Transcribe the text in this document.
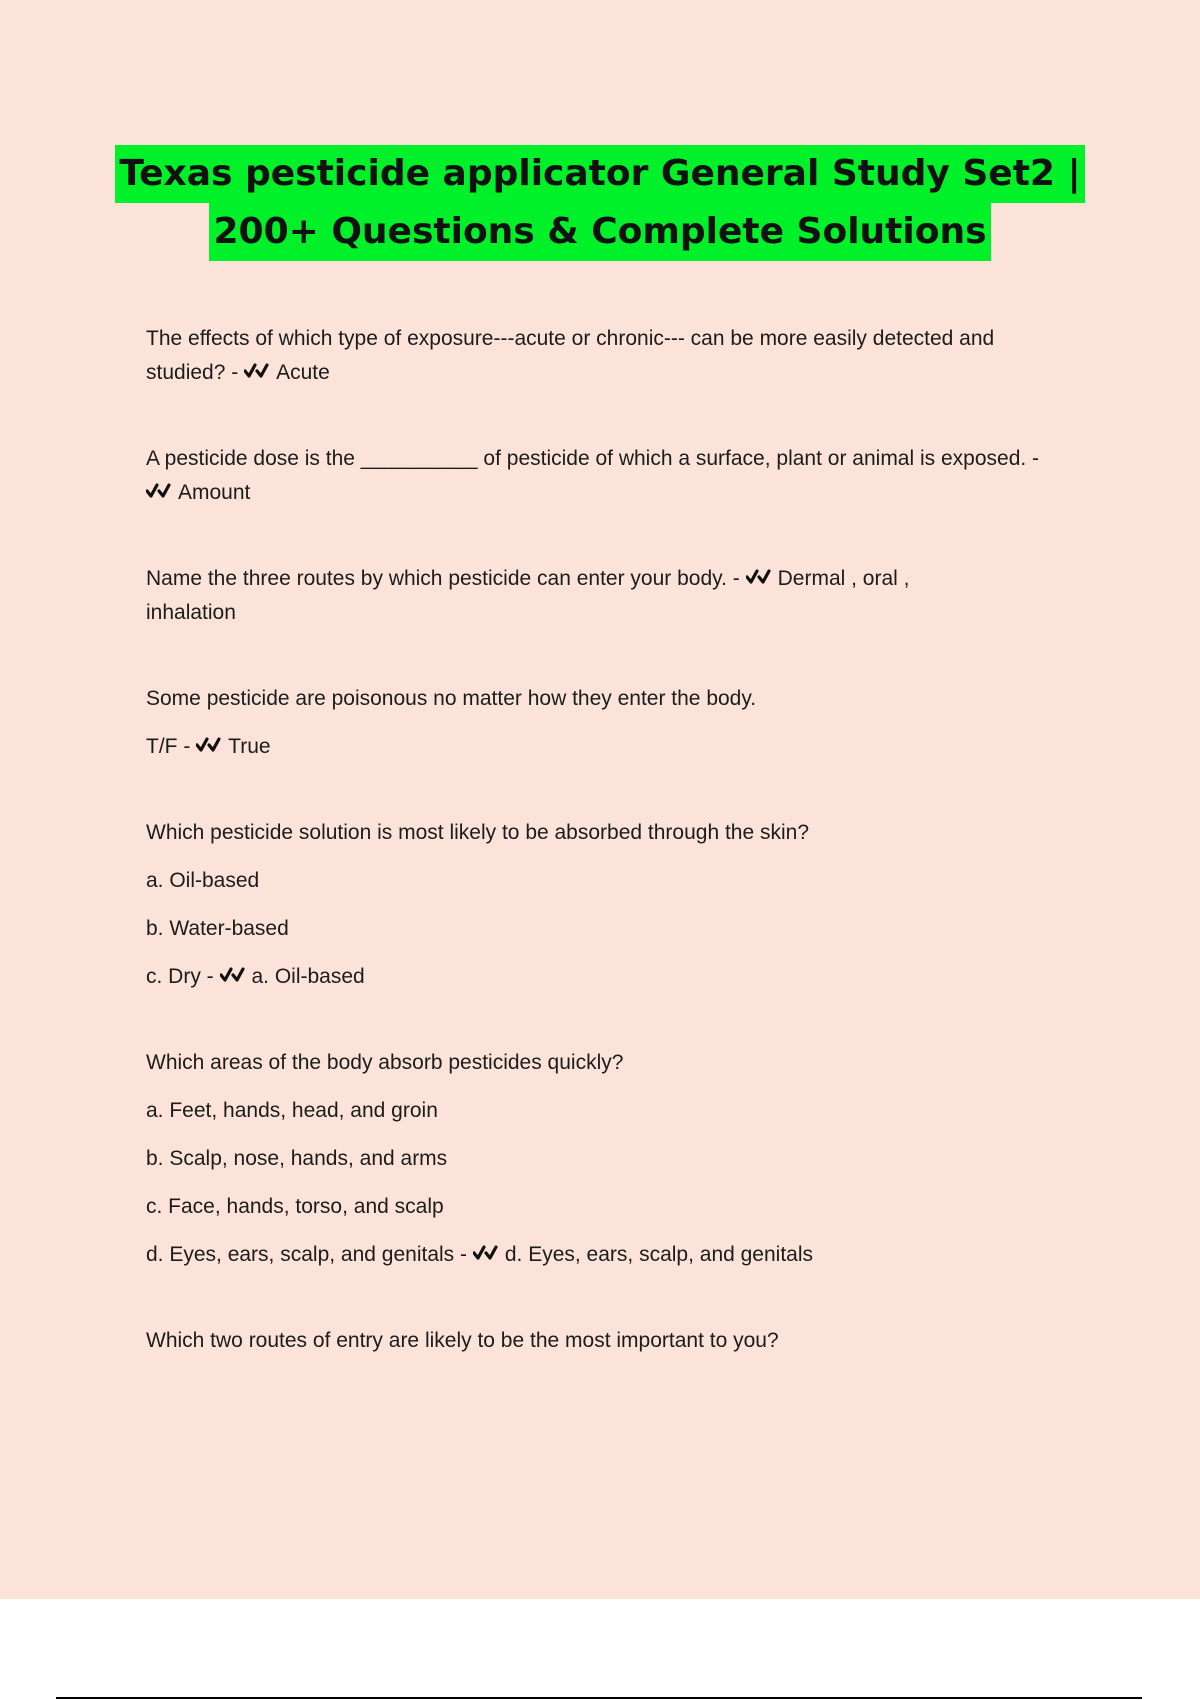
Texas pesticide applicator General Study Set2 |
200+ Questions & Complete Solutions
The effects of which type of exposure---acute or chronic--- can be more easily detected and
studied? - Acute
A pesticide dose is the __________ of pesticide of which a surface, plant or animal is exposed. -
Amount
Name the three routes by which pesticide can enter your body. - Dermal , oral ,
inhalation
Some pesticide are poisonous no matter how they enter the body.
T/F - True
Which pesticide solution is most likely to be absorbed through the skin?
a. Oil-based
b. Water-based
c. Dry - a. Oil-based
Which areas of the body absorb pesticides quickly?
a. Feet, hands, head, and groin
b. Scalp, nose, hands, and arms
c. Face, hands, torso, and scalp
d. Eyes, ears, scalp, and genitals - d. Eyes, ears, scalp, and genitals
Which two routes of entry are likely to be the most important to you?
